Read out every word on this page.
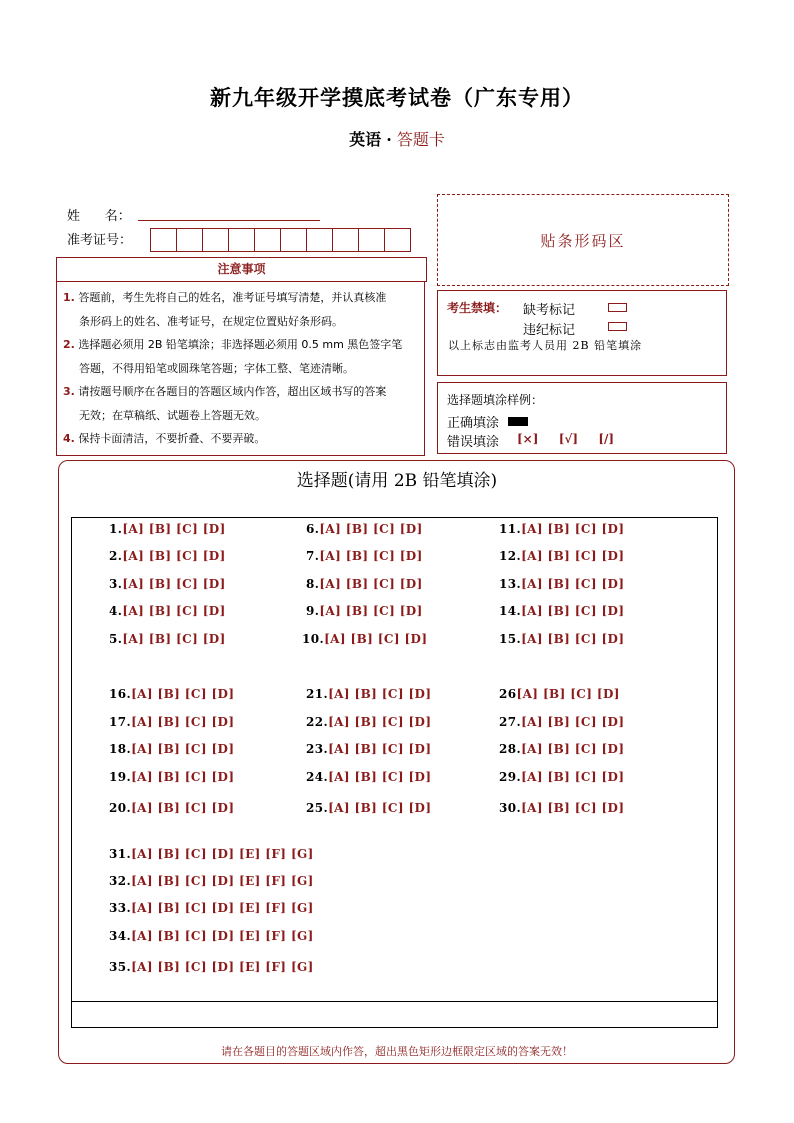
新九年级开学摸底考试卷（广东专用）
英语 · 答题卡
姓      名：
准考证号：	贴条形码区
注意事项
1. 答题前，考生先将自己的姓名，准考证号填写清楚，并认真核准
条形码上的姓名、准考证号，在规定位置贴好条形码。
2. 选择题必须用 2B 铅笔填涂；非选择题必须用 0.5 mm 黑色签字笔
答题，不得用铅笔或圆珠笔答题；字体工整、笔迹清晰。
3. 请按题号顺序在各题目的答题区域内作答，超出区域书写的答案
无效；在草稿纸、试题卷上答题无效。
4. 保持卡面清洁，不要折叠、不要弄破。
考生禁填： 缺考标记
违纪标记
以上标志由监考人员用 2B 铅笔填涂
选择题填涂样例：
正确填涂
错误填涂 [×]  [√]  [/]
选择题(请用 2B 铅笔填涂)
1.[A] [B] [C] [D]
2.[A] [B] [C] [D]
3.[A] [B] [C] [D]
4.[A] [B] [C] [D]
5.[A] [B] [C] [D]
6.[A] [B] [C] [D]
7.[A] [B] [C] [D]
8.[A] [B] [C] [D]
9.[A] [B] [C] [D]
10.[A] [B] [C] [D]
11.[A] [B] [C] [D]
12.[A] [B] [C] [D]
13.[A] [B] [C] [D]
14.[A] [B] [C] [D]
15.[A] [B] [C] [D]
16.[A] [B] [C] [D]
17.[A] [B] [C] [D]
18.[A] [B] [C] [D]
19.[A] [B] [C] [D]
20.[A] [B] [C] [D]
21.[A] [B] [C] [D]
22.[A] [B] [C] [D]
23.[A] [B] [C] [D]
24.[A] [B] [C] [D]
25.[A] [B] [C] [D]
26[A] [B] [C] [D]
27.[A] [B] [C] [D]
28.[A] [B] [C] [D]
29.[A] [B] [C] [D]
30.[A] [B] [C] [D]
31.[A] [B] [C] [D] [E] [F] [G]
32.[A] [B] [C] [D] [E] [F] [G]
33.[A] [B] [C] [D] [E] [F] [G]
34.[A] [B] [C] [D] [E] [F] [G]
35.[A] [B] [C] [D] [E] [F] [G]
请在各题目的答题区域内作答，超出黑色矩形边框限定区域的答案无效！
